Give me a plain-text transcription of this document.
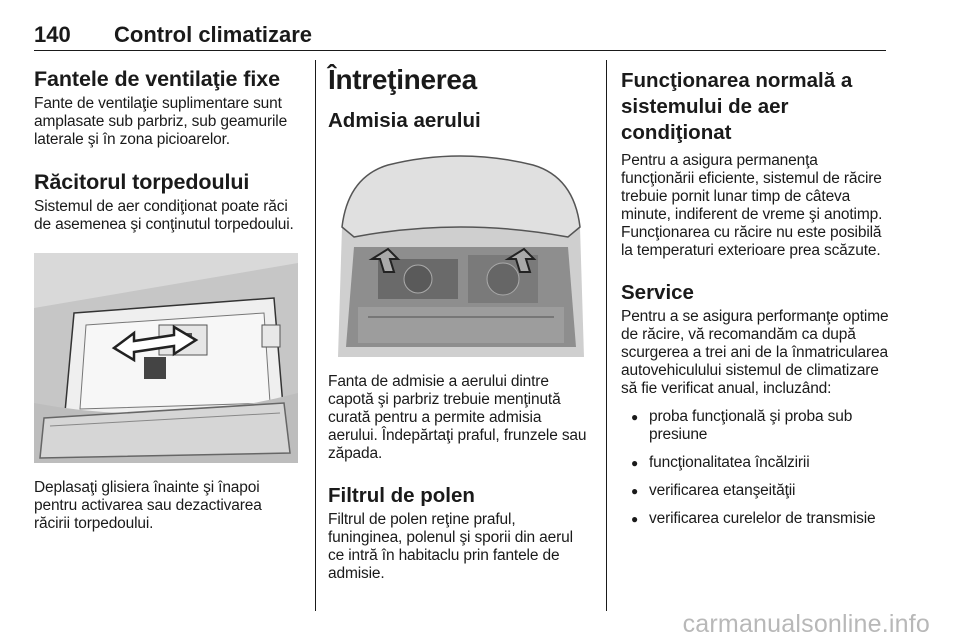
140 Control climatizare
Fantele de ventilaţie fixe

Fante de ventilaţie suplimentare sunt amplasate sub parbriz, sub geamurile laterale şi în zona picioarelor.

Răcitorul torpedoului

Sistemul de aer condiţionat poate răci de asemenea şi conţinutul torpedoului.

Deplasaţi glisiera înainte şi înapoi pentru activarea sau dezactivarea răcirii torpedoului.

Întreţinerea
Admisia aerului

Fanta de admisie a aerului dintre capotă şi parbriz trebuie menţinută curată pentru a permite admisia aerului. Îndepărtaţi praful, frunzele sau zăpada.

Filtrul de polen

Filtrul de polen reţine praful, funinginea, polenul şi sporii din aerul ce intră în habitaclu prin fantele de admisie.

Funcţionarea normală a sistemului de aer condiţionat

Pentru a asigura permanenţa funcţionării eficiente, sistemul de răcire trebuie pornit lunar timp de câteva minute, indiferent de vreme şi anotimp. Funcţionarea cu răcire nu este posibilă la temperaturi exterioare prea scăzute.

Service

Pentru a se asigura performanţe optime de răcire, vă recomandăm ca după scurgerea a trei ani de la înmatricularea autovehiculului sistemul de climatizare să fie verificat anual, incluzând:

● proba funcţională şi proba sub presiune
● funcţionalitatea încălzirii
● verificarea etanşeităţii
● verificarea curelelor de transmisie
carmanualsonline.info
